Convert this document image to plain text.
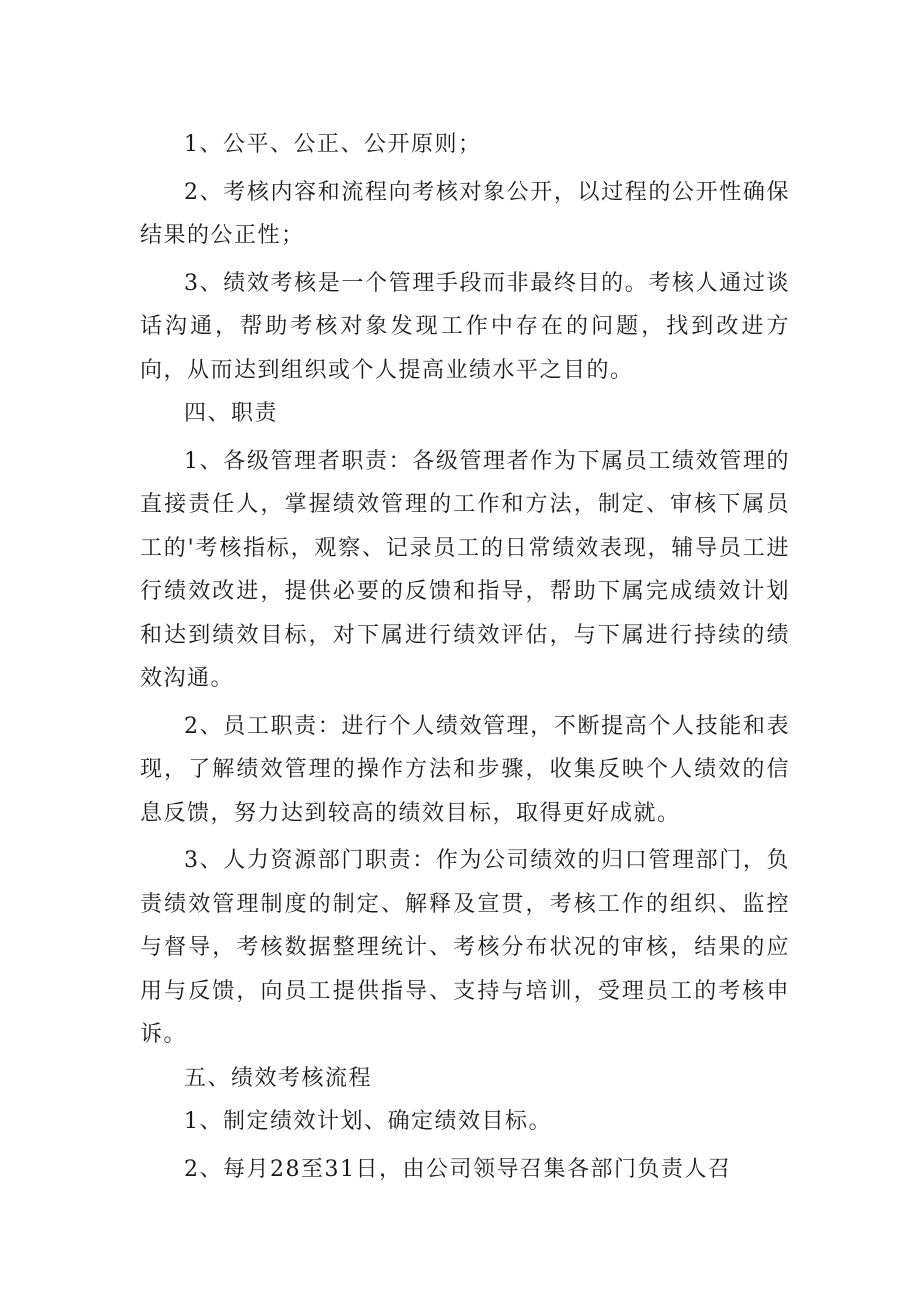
1、公平、公正、公开原则；

2、考核内容和流程向考核对象公开，以过程的公开性确保结果的公正性；

3、绩效考核是一个管理手段而非最终目的。考核人通过谈话沟通，帮助考核对象发现工作中存在的问题，找到改进方向，从而达到组织或个人提高业绩水平之目的。

四、职责

1、各级管理者职责：各级管理者作为下属员工绩效管理的直接责任人，掌握绩效管理的工作和方法，制定、审核下属员工的'考核指标，观察、记录员工的日常绩效表现，辅导员工进行绩效改进，提供必要的反馈和指导，帮助下属完成绩效计划和达到绩效目标，对下属进行绩效评估，与下属进行持续的绩效沟通。

2、员工职责：进行个人绩效管理，不断提高个人技能和表现，了解绩效管理的操作方法和步骤，收集反映个人绩效的信息反馈，努力达到较高的绩效目标，取得更好成就。

3、人力资源部门职责：作为公司绩效的归口管理部门，负责绩效管理制度的制定、解释及宣贯，考核工作的组织、监控与督导，考核数据整理统计、考核分布状况的审核，结果的应用与反馈，向员工提供指导、支持与培训，受理员工的考核申诉。

五、绩效考核流程

1、制定绩效计划、确定绩效目标。

2、每月28至31日，由公司领导召集各部门负责人召
